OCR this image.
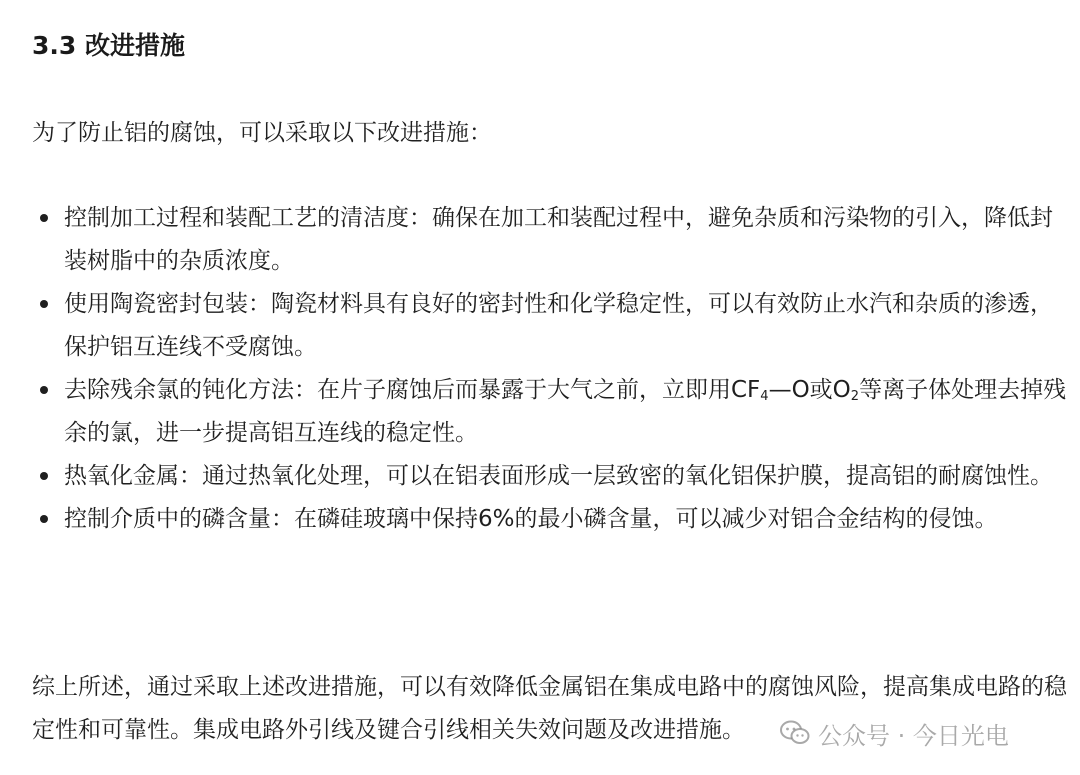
3.3 改进措施

为了防止铝的腐蚀，可以采取以下改进措施：

控制加工过程和装配工艺的清洁度：确保在加工和装配过程中，避免杂质和污染物的引入，降低封装树脂中的杂质浓度。
使用陶瓷密封包装：陶瓷材料具有良好的密封性和化学稳定性，可以有效防止水汽和杂质的渗透，保护铝互连线不受腐蚀。
去除残余氯的钝化方法：在片子腐蚀后而暴露于大气之前，立即用$CF_4—O$或$O_2$等离子体处理去掉残余的氯，进一步提高铝互连线的稳定性。
热氧化金属：通过热氧化处理，可以在铝表面形成一层致密的氧化铝保护膜，提高铝的耐腐蚀性。
控制介质中的磷含量：在磷硅玻璃中保持6%的最小磷含量，可以减少对铝合金结构的侵蚀。

综上所述，通过采取上述改进措施，可以有效降低金属铝在集成电路中的腐蚀风险，提高集成电路的稳定性和可靠性。集成电路外引线及键合引线相关失效问题及改进措施。	公众号 · 今日光电
